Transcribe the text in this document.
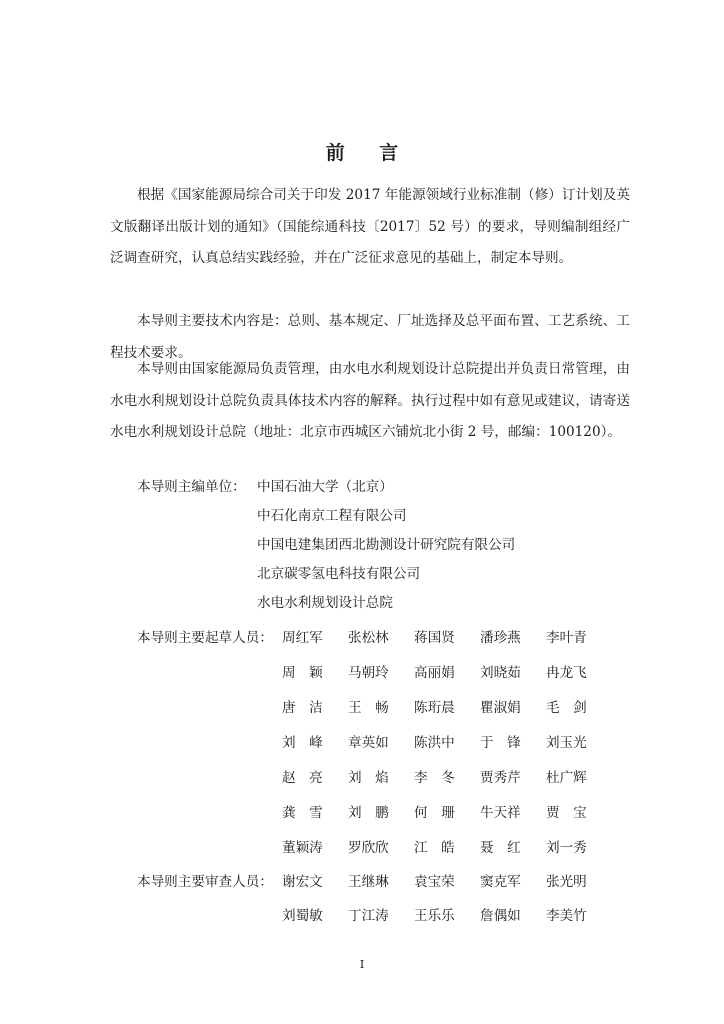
前 言
根据《国家能源局综合司关于印发 2017 年能源领域行业标准制（修）订计划及英文版翻译出版计划的通知》（国能综通科技〔2017〕52 号）的要求，导则编制组经广泛调查研究，认真总结实践经验，并在广泛征求意见的基础上，制定本导则。
本导则主要技术内容是：总则、基本规定、厂址选择及总平面布置、工艺系统、工程技术要求。
本导则由国家能源局负责管理，由水电水利规划设计总院提出并负责日常管理，由水电水利规划设计总院负责具体技术内容的解释。执行过程中如有意见或建议，请寄送水电水利规划设计总院（地址：北京市西城区六铺炕北小街 2 号，邮编：100120）。
本导则主编单位： 中国石油大学（北京）
中石化南京工程有限公司
中国电建集团西北勘测设计研究院有限公司
北京碳零氢电科技有限公司
水电水利规划设计总院
本导则主要起草人员： 周红军	张松林	蒋国贤	潘珍燕	李叶青
周　颖	马朝玲	高丽娟	刘晓茹	冉龙飞
唐　洁	王　畅	陈珩晨	瞿淑娟	毛　剑
刘　峰	章英如	陈洪中	于　锋	刘玉光
赵　亮	刘　焰	李　冬	贾秀芹	杜广辉
龚　雪	刘　鹏	何　珊	牛天祥	贾　宝
董颖涛	罗欣欣	江　皓	聂　红	刘一秀
本导则主要审查人员： 谢宏文	王继琳	袁宝荣	窦克军	张光明
刘蜀敏	丁江涛	王乐乐	詹偶如	李美竹
I
